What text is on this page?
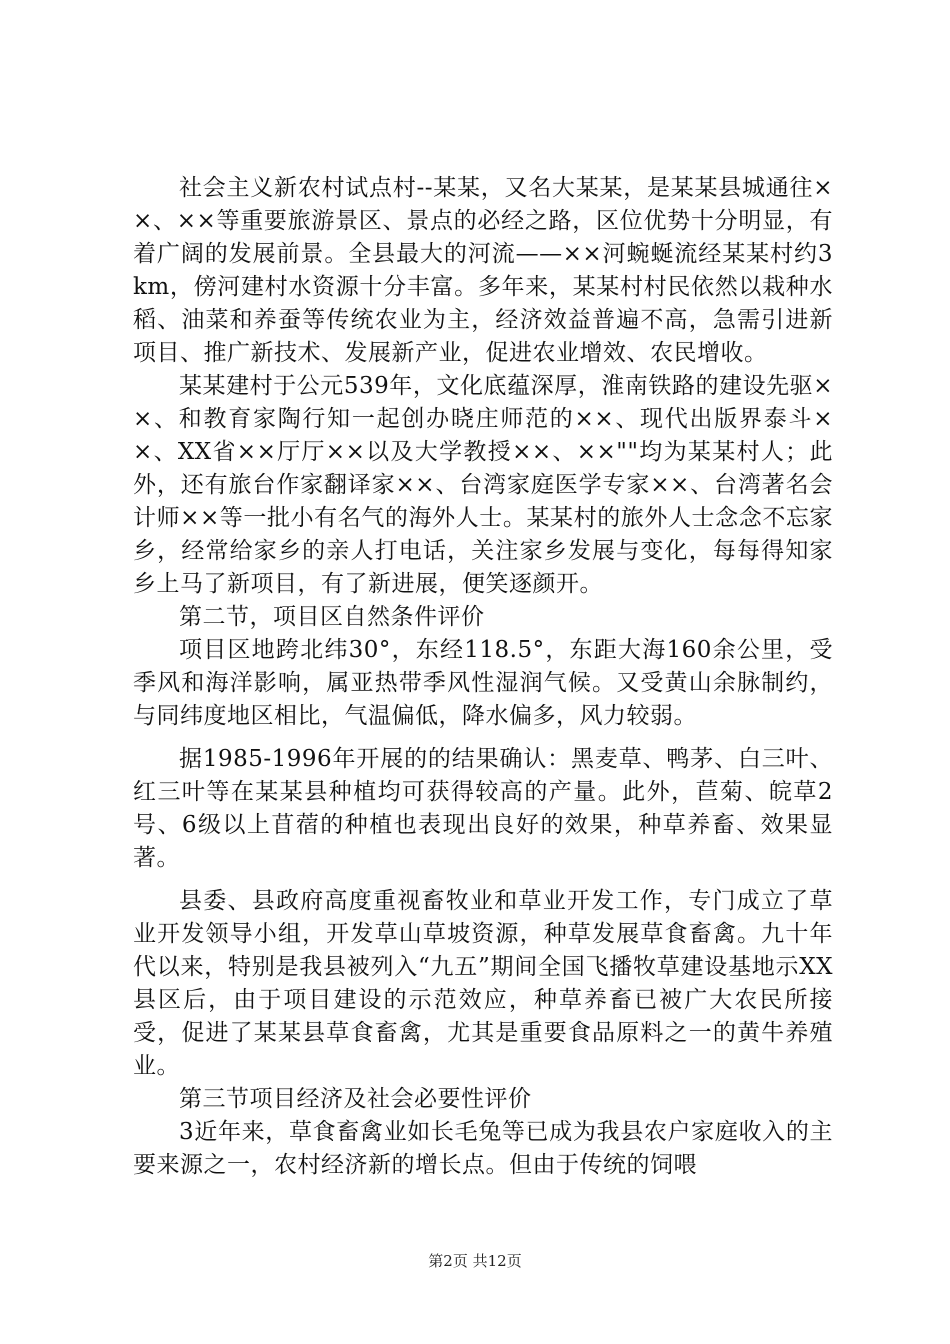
社会主义新农村试点村--某某，又名大某某，是某某县城通往××、××等重要旅游景区、景点的必经之路，区位优势十分明显，有着广阔的发展前景。全县最大的河流——××河蜿蜒流经某某村约3km，傍河建村水资源十分丰富。多年来，某某村村民依然以栽种水稻、油菜和养蚕等传统农业为主，经济效益普遍不高，急需引进新项目、推广新技术、发展新产业，促进农业增效、农民增收。

某某建村于公元539年，文化底蕴深厚，淮南铁路的建设先驱××、和教育家陶行知一起创办晓庄师范的××、现代出版界泰斗××、XX省××厅厅××以及大学教授××、××""均为某某村人；此外，还有旅台作家翻译家××、台湾家庭医学专家××、台湾著名会计师××等一批小有名气的海外人士。某某村的旅外人士念念不忘家乡，经常给家乡的亲人打电话，关注家乡发展与变化，每每得知家乡上马了新项目，有了新进展，便笑逐颜开。

第二节，项目区自然条件评价

项目区地跨北纬30°，东经118.5°，东距大海160余公里，受季风和海洋影响，属亚热带季风性湿润气候。又受黄山余脉制约，与同纬度地区相比，气温偏低，降水偏多，风力较弱。

据1985-1996年开展的的结果确认：黑麦草、鸭茅、白三叶、红三叶等在某某县种植均可获得较高的产量。此外，苣菊、皖草2号、6级以上苜蓿的种植也表现出良好的效果，种草养畜、效果显著。

县委、县政府高度重视畜牧业和草业开发工作，专门成立了草业开发领导小组，开发草山草坡资源，种草发展草食畜禽。九十年代以来，特别是我县被列入“九五”期间全国飞播牧草建设基地示XX县区后，由于项目建设的示范效应，种草养畜已被广大农民所接受，促进了某某县草食畜禽，尤其是重要食品原料之一的黄牛养殖业。

第三节项目经济及社会必要性评价

3近年来，草食畜禽业如长毛兔等已成为我县农户家庭收入的主要来源之一，农村经济新的增长点。但由于传统的饲喂

第2页 共12页
